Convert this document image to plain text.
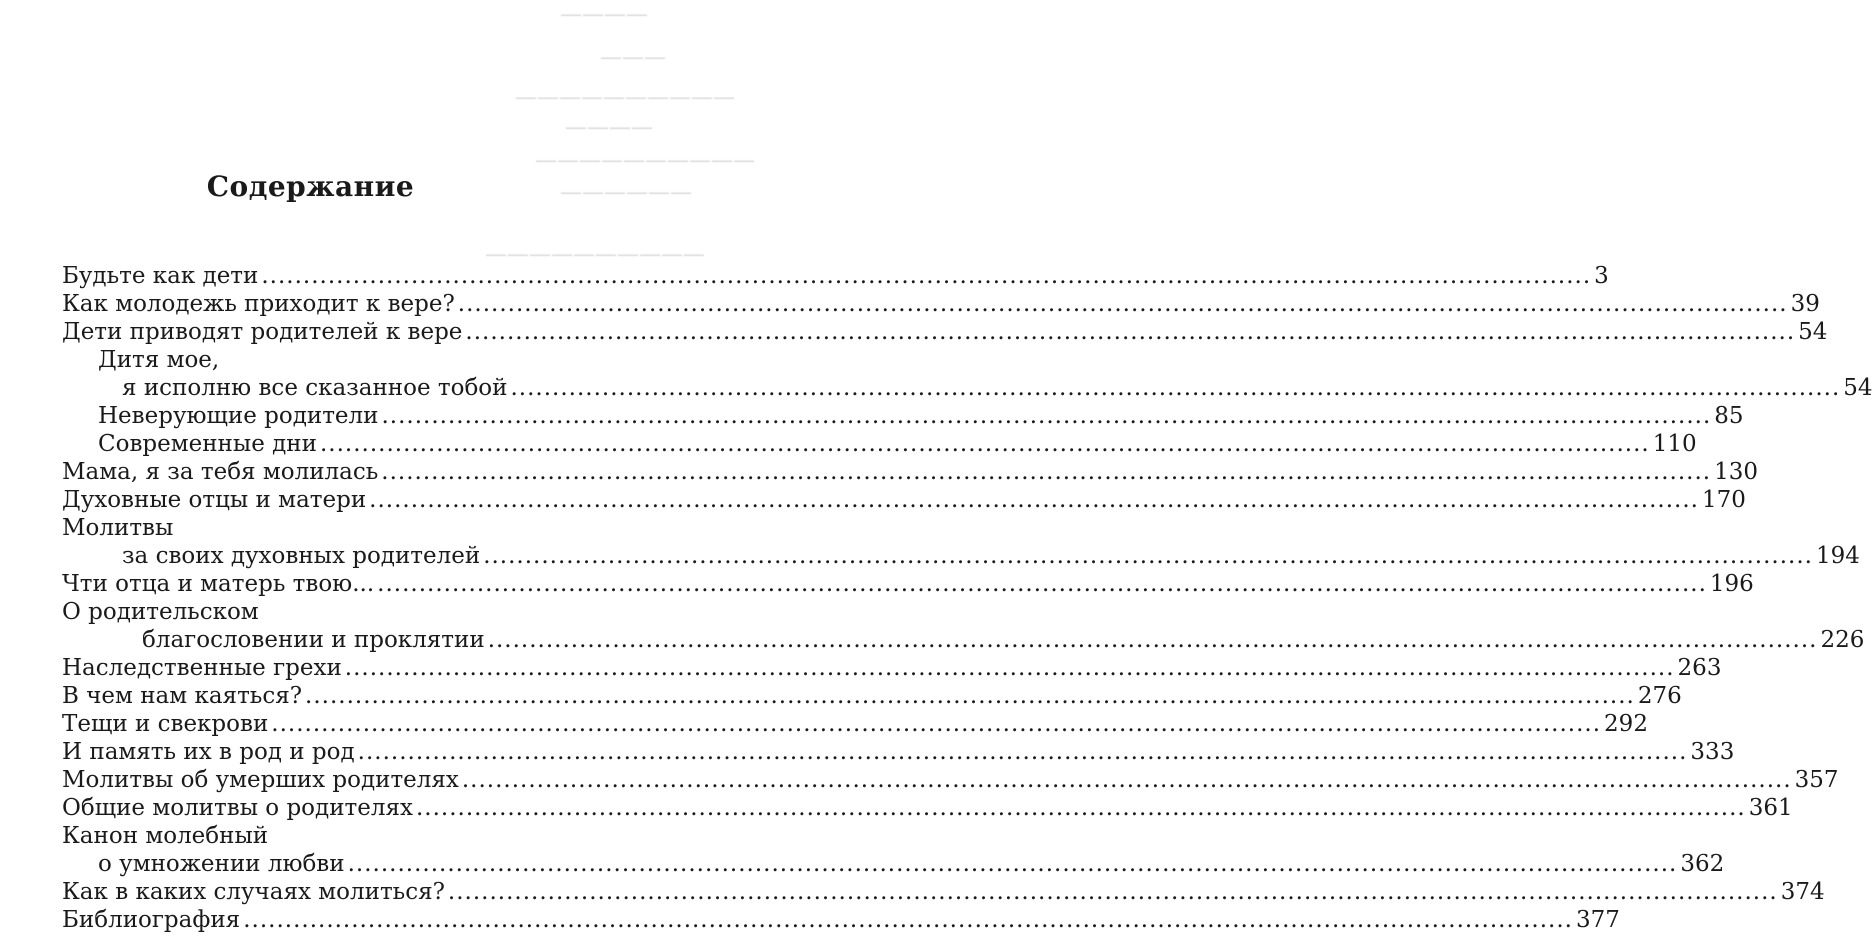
————
———
——————————
————
——————————
——————
——————————
Содержание
Будьте как дети .....	3
Как молодежь приходит к вере? .....	39
Дети приводят родителей к вере .....	54
Дитя мое,
я исполню все сказанное тобой .....	54
Неверующие родители .....	85
Современные дни .....	110
Мама, я за тебя молилась .....	130
Духовные отцы и матери .....	170
Молитвы
за своих духовных родителей .....	194
Чти отца и матерь твою... .....	196
О родительском
благословении и проклятии .....	226
Наследственные грехи .....	263
В чем нам каяться? .....	276
Тещи и свекрови .....	292
И память их в род и род .....	333
Молитвы об умерших родителях .....	357
Общие молитвы о родителях .....	361
Канон молебный
о умножении любви .....	362
Как в каких случаях молиться? .....	374
Библиография .....	377
